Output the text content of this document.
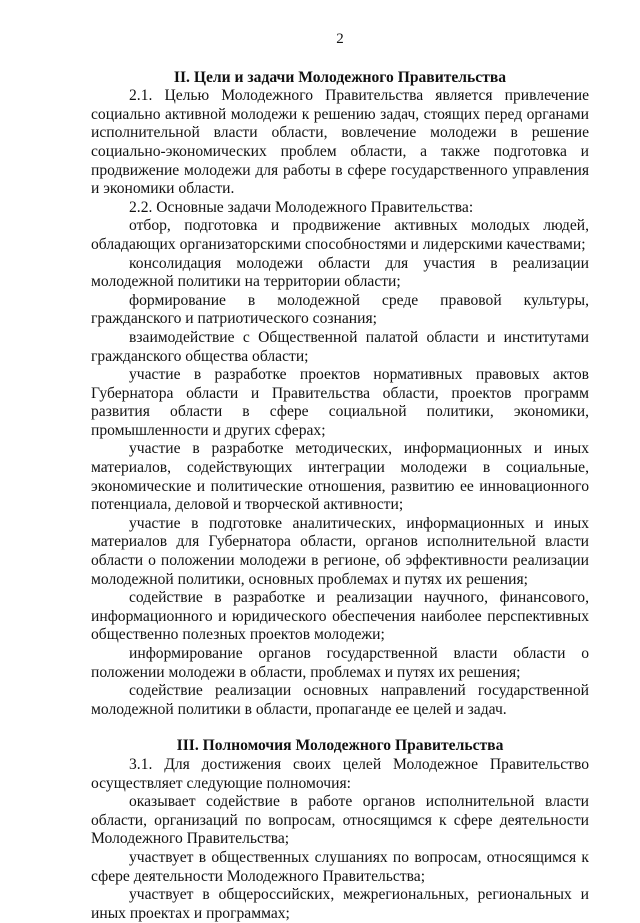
2

II. Цели и задачи Молодежного Правительства

2.1. Целью Молодежного Правительства является привлечение социально активной молодежи к решению задач, стоящих перед органами исполнительной власти области, вовлечение молодежи в решение социально-экономических проблем области, а также подготовка и продвижение молодежи для работы в сфере государственного управления и экономики области.

2.2. Основные задачи Молодежного Правительства:

отбор, подготовка и продвижение активных молодых людей, обладающих организаторскими способностями и лидерскими качествами;

консолидация молодежи области для участия в реализации молодежной политики на территории области;

формирование в молодежной среде правовой культуры, гражданского и патриотического сознания;

взаимодействие с Общественной палатой области и институтами гражданского общества области;

участие в разработке проектов нормативных правовых актов Губернатора области и Правительства области, проектов программ развития области в сфере социальной политики, экономики, промышленности и других сферах;

участие в разработке методических, информационных и иных материалов, содействующих интеграции молодежи в социальные, экономические и политические отношения, развитию ее инновационного потенциала, деловой и творческой активности;

участие в подготовке аналитических, информационных и иных материалов для Губернатора области, органов исполнительной власти области о положении молодежи в регионе, об эффективности реализации молодежной политики, основных проблемах и путях их решения;

содействие в разработке и реализации научного, финансового, информационного и юридического обеспечения наиболее перспективных общественно полезных проектов молодежи;

информирование органов государственной власти области о положении молодежи в области, проблемах и путях их решения;

содействие реализации основных направлений государственной молодежной политики в области, пропаганде ее целей и задач.

III. Полномочия Молодежного Правительства

3.1. Для достижения своих целей Молодежное Правительство осуществляет следующие полномочия:

оказывает содействие в работе органов исполнительной власти области, организаций по вопросам, относящимся к сфере деятельности Молодежного Правительства;

участвует в общественных слушаниях по вопросам, относящимся к сфере деятельности Молодежного Правительства;

участвует в общероссийских, межрегиональных, региональных и иных проектах и программах;
